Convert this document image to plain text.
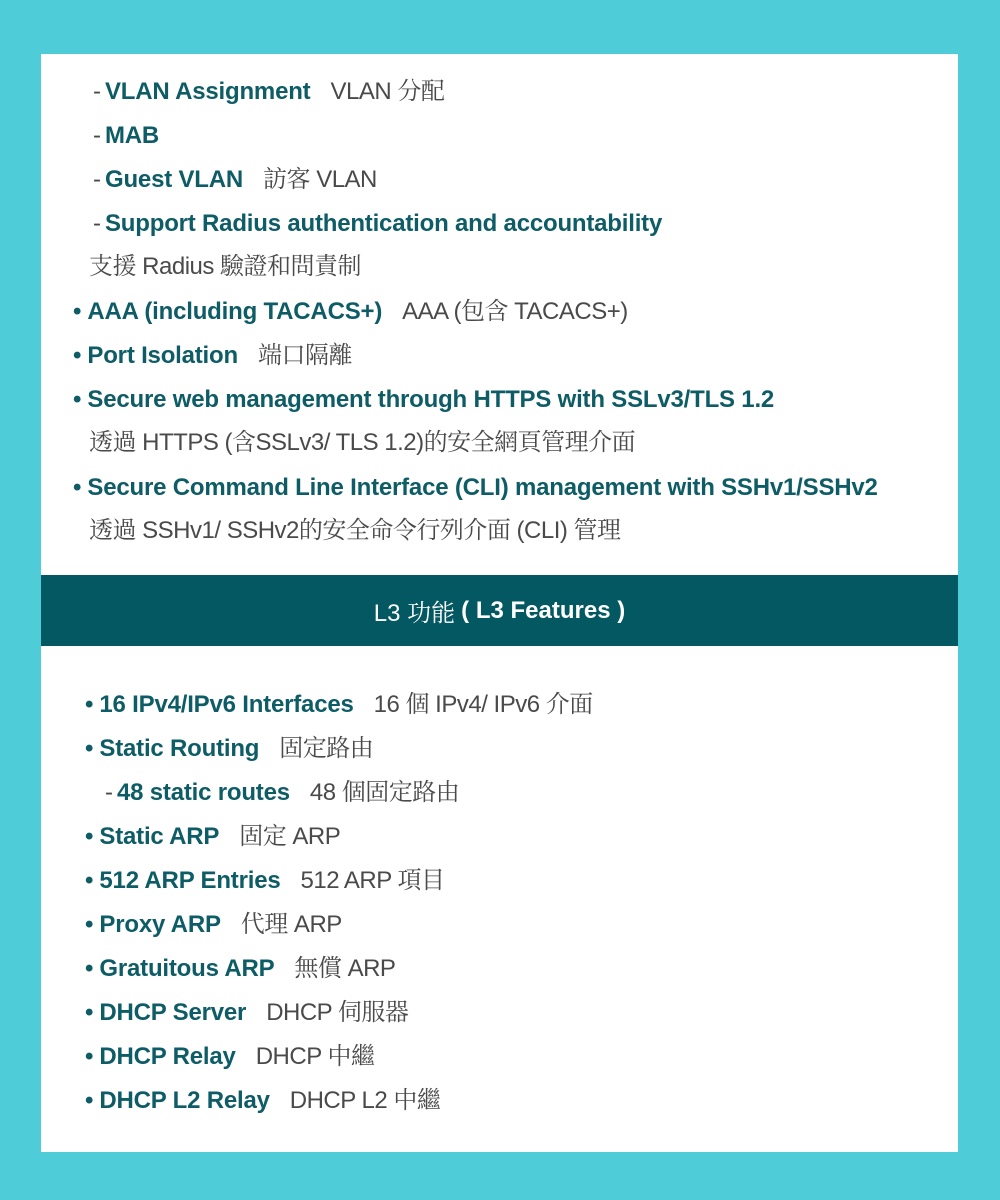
- VLAN Assignment VLAN 分配
- MAB
- Guest VLAN 訪客 VLAN
- Support Radius authentication and accountability
支援 Radius 驗證和問責制
• AAA (including TACACS+) AAA (包含 TACACS+)
• Port Isolation 端口隔離
• Secure web management through HTTPS with SSLv3/TLS 1.2
透過 HTTPS (含SSLv3/ TLS 1.2)的安全網頁管理介面
• Secure Command Line Interface (CLI) management with SSHv1/SSHv2
透過 SSHv1/ SSHv2的安全命令行列介面 (CLI) 管理
L3 功能 ( L3 Features )
• 16 IPv4/IPv6 Interfaces 16 個 IPv4/ IPv6 介面
• Static Routing 固定路由
- 48 static routes 48 個固定路由
• Static ARP 固定 ARP
• 512 ARP Entries 512 ARP 項目
• Proxy ARP 代理 ARP
• Gratuitous ARP 無償 ARP
• DHCP Server DHCP 伺服器
• DHCP Relay DHCP 中繼
• DHCP L2 Relay DHCP L2 中繼
